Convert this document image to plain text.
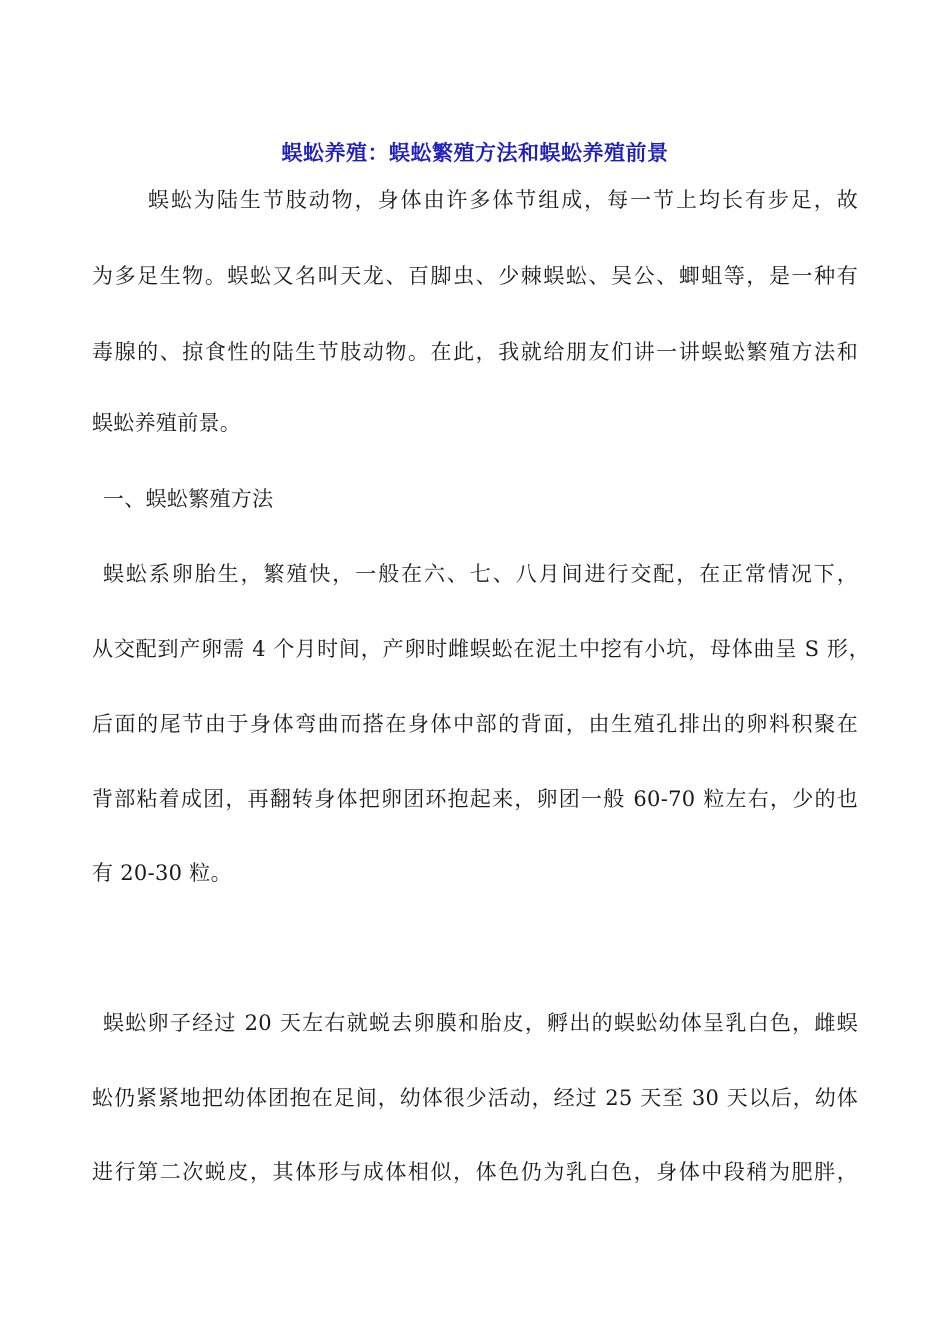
蜈蚣养殖：蜈蚣繁殖方法和蜈蚣养殖前景
蜈蚣为陆生节肢动物，身体由许多体节组成，每一节上均长有步足，故
为多足生物。蜈蚣又名叫天龙、百脚虫、少棘蜈蚣、吴公、蝍蛆等，是一种有
毒腺的、掠食性的陆生节肢动物。在此，我就给朋友们讲一讲蜈蚣繁殖方法和
蜈蚣养殖前景。
一、蜈蚣繁殖方法
蜈蚣系卵胎生，繁殖快，一般在六、七、八月间进行交配，在正常情况下，
从交配到产卵需 4 个月时间，产卵时雌蜈蚣在泥土中挖有小坑，母体曲呈 S 形，
后面的尾节由于身体弯曲而搭在身体中部的背面，由生殖孔排出的卵料积聚在
背部粘着成团，再翻转身体把卵团环抱起来，卵团一般 60-70 粒左右，少的也
有 20-30 粒。
蜈蚣卵子经过 20 天左右就蜕去卵膜和胎皮，孵出的蜈蚣幼体呈乳白色，雌蜈
蚣仍紧紧地把幼体团抱在足间，幼体很少活动，经过 25 天至 30 天以后，幼体
进行第二次蜕皮，其体形与成体相似，体色仍为乳白色，身体中段稍为肥胖，
